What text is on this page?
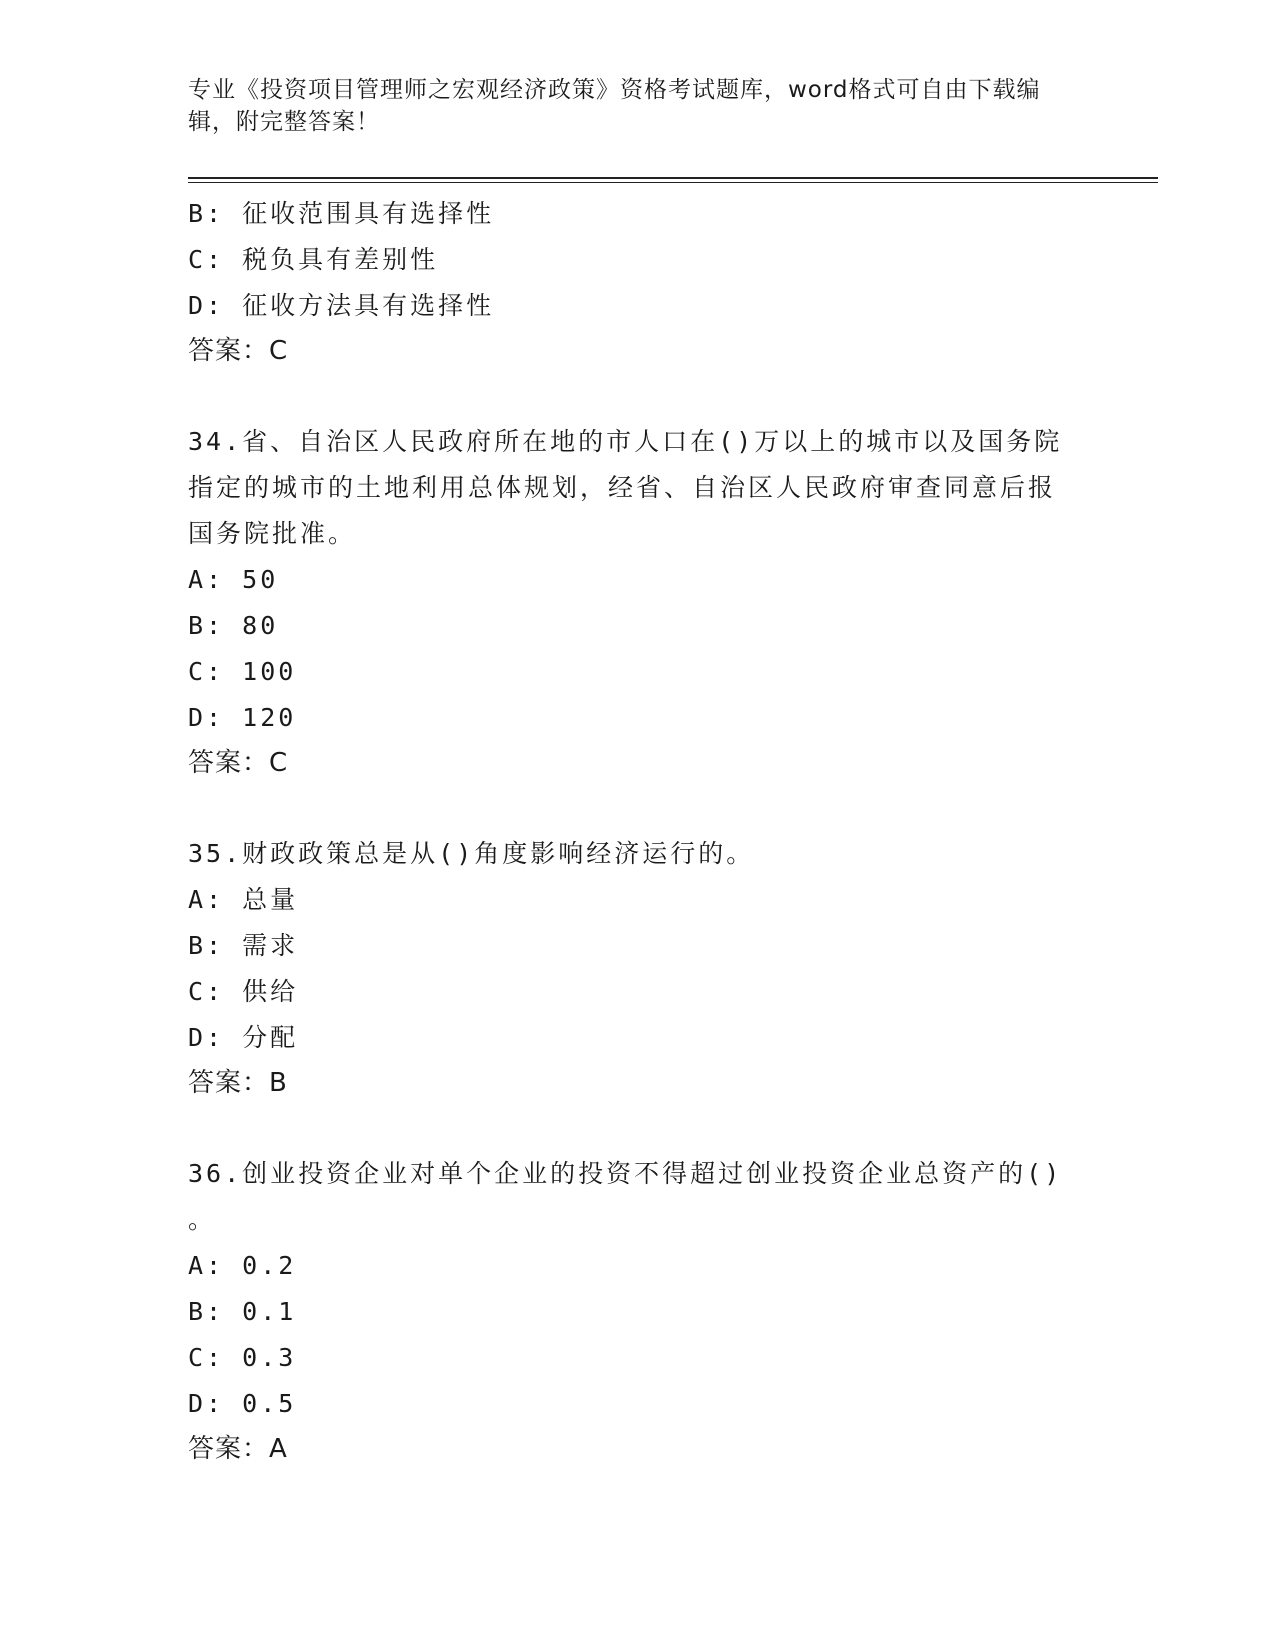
专业《投资项目管理师之宏观经济政策》资格考试题库，word格式可自由下载编辑，附完整答案！
B: 征收范围具有选择性
C: 税负具有差别性
D: 征收方法具有选择性
答案：C
34.省、自治区人民政府所在地的市人口在()万以上的城市以及国务院指定的城市的土地利用总体规划，经省、自治区人民政府审查同意后报国务院批准。
A: 50
B: 80
C: 100
D: 120
答案：C
35.财政政策总是从()角度影响经济运行的。
A: 总量
B: 需求
C: 供给
D: 分配
答案：B
36.创业投资企业对单个企业的投资不得超过创业投资企业总资产的()
。
A: 0.2
B: 0.1
C: 0.3
D: 0.5
答案：A
